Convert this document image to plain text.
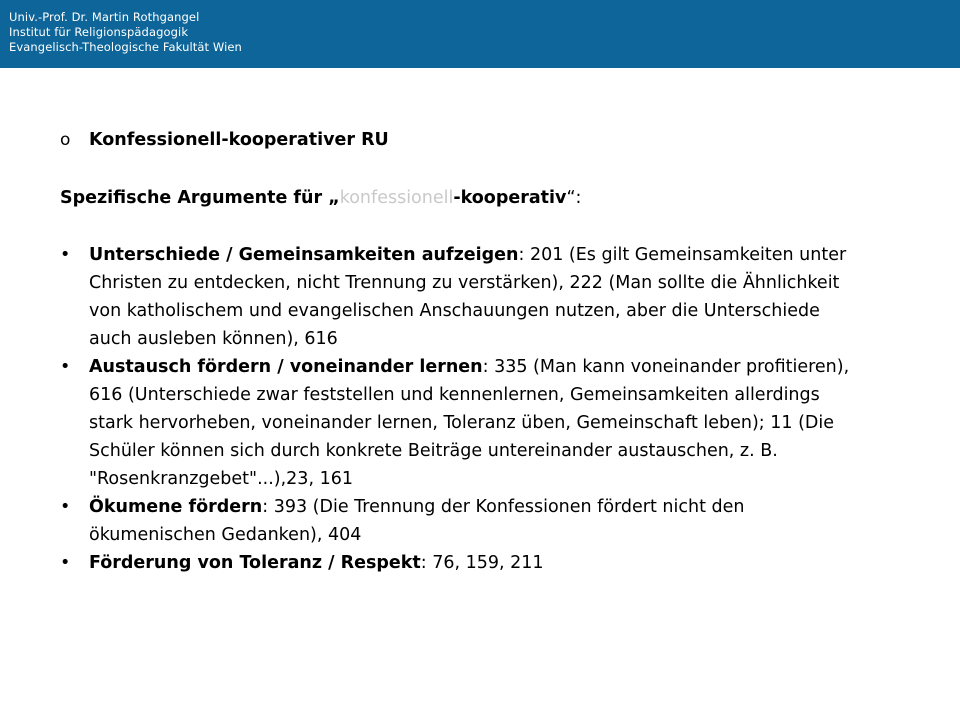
Univ.-Prof. Dr. Martin Rothgangel
Institut für Religionspädagogik
Evangelisch-Theologische Fakultät Wien
o Konfessionell-kooperativer RU
Spezifische Argumente für „konfessionell-kooperativ“:
• Unterschiede / Gemeinsamkeiten aufzeigen: 201 (Es gilt Gemeinsamkeiten unter Christen zu entdecken, nicht Trennung zu verstärken), 222 (Man sollte die Ähnlichkeit von katholischem und evangelischen Anschauungen nutzen, aber die Unterschiede auch ausleben können), 616
• Austausch fördern / voneinander lernen: 335 (Man kann voneinander profitieren), 616 (Unterschiede zwar feststellen und kennenlernen, Gemeinsamkeiten allerdings stark hervorheben, voneinander lernen, Toleranz üben, Gemeinschaft leben); 11 (Die Schüler können sich durch konkrete Beiträge untereinander austauschen, z. B. "Rosenkranzgebet"...),23, 161
• Ökumene fördern: 393 (Die Trennung der Konfessionen fördert nicht den ökumenischen Gedanken), 404
• Förderung von Toleranz / Respekt: 76, 159, 211
